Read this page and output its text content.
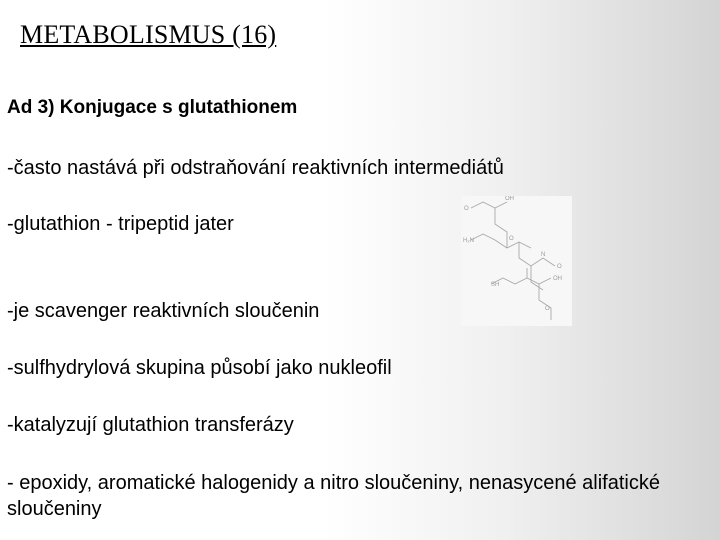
METABOLISMUS (16)

Ad 3) Konjugace s glutathionem

-často nastává při odstraňování reaktivních intermediátů

-glutathion - tripeptid jater

-je scavenger reaktivních sloučenin

-sulfhydrylová skupina působí jako nukleofil

-katalyzují glutathion transferázy

- epoxidy, aromatické halogenidy a nitro sloučeniny, nenasycené alifatické sloučeniny

O
OH
H₂N	O
SH
N
O
OH
O
